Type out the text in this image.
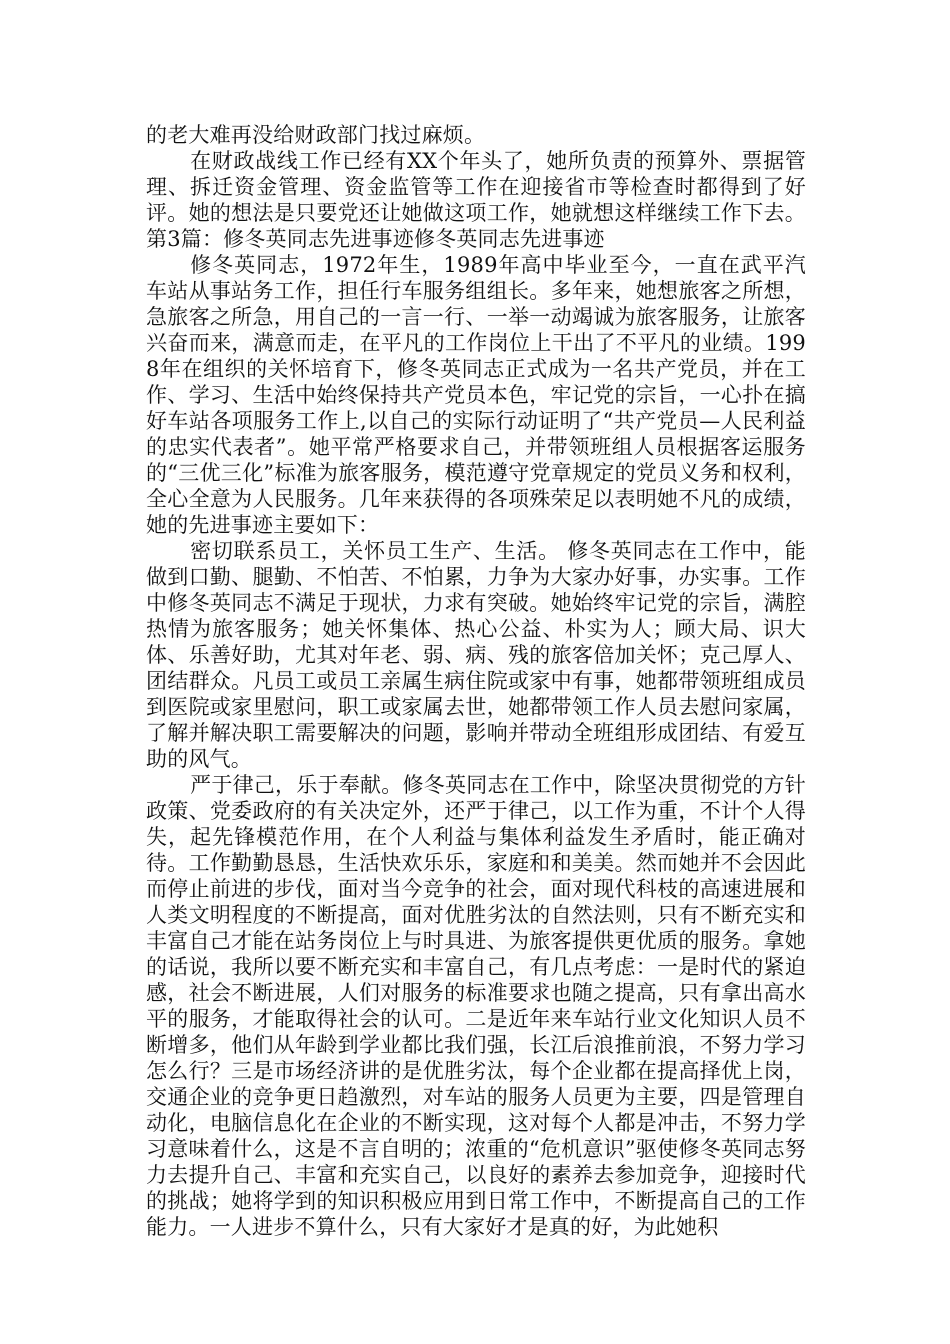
的老大难再没给财政部门找过麻烦。

在财政战线工作已经有XX个年头了，她所负责的预算外、票据管理、拆迁资金管理、资金监管等工作在迎接省市等检查时都得到了好评。她的想法是只要党还让她做这项工作，她就想这样继续工作下去。第3篇：修冬英同志先进事迹修冬英同志先进事迹

修冬英同志，1972年生，1989年高中毕业至今，一直在武平汽车站从事站务工作，担任行车服务组组长。多年来，她想旅客之所想，急旅客之所急，用自己的一言一行、一举一动竭诚为旅客服务，让旅客兴奋而来，满意而走，在平凡的工作岗位上干出了不平凡的业绩。1998年在组织的关怀培育下，修冬英同志正式成为一名共产党员，并在工作、学习、生活中始终保持共产党员本色，牢记党的宗旨，一心扑在搞好车站各项服务工作上,以自己的实际行动证明了“共产党员—人民利益的忠实代表者”。她平常严格要求自己，并带领班组人员根据客运服务的“三优三化”标准为旅客服务，模范遵守党章规定的党员义务和权利，全心全意为人民服务。几年来获得的各项殊荣足以表明她不凡的成绩，她的先进事迹主要如下：

密切联系员工，关怀员工生产、生活。 修冬英同志在工作中，能做到口勤、腿勤、不怕苦、不怕累，力争为大家办好事，办实事。工作中修冬英同志不满足于现状，力求有突破。她始终牢记党的宗旨，满腔热情为旅客服务；她关怀集体、热心公益、朴实为人；顾大局、识大体、乐善好助，尤其对年老、弱、病、残的旅客倍加关怀；克己厚人、团结群众。凡员工或员工亲属生病住院或家中有事，她都带领班组成员到医院或家里慰问，职工或家属去世，她都带领工作人员去慰问家属，了解并解决职工需要解决的问题，影响并带动全班组形成团结、有爱互助的风气。

严于律己，乐于奉献。修冬英同志在工作中，除坚决贯彻党的方针政策、党委政府的有关决定外，还严于律己，以工作为重，不计个人得失，起先锋模范作用，在个人利益与集体利益发生矛盾时，能正确对待。工作勤勤恳恳，生活快欢乐乐，家庭和和美美。然而她并不会因此而停止前进的步伐，面对当今竞争的社会，面对现代科枝的高速进展和人类文明程度的不断提高，面对优胜劣汰的自然法则，只有不断充实和丰富自己才能在站务岗位上与时具进、为旅客提供更优质的服务。拿她的话说，我所以要不断充实和丰富自己，有几点考虑：一是时代的紧迫感，社会不断进展，人们对服务的标准要求也随之提高，只有拿出高水平的服务，才能取得社会的认可。二是近年来车站行业文化知识人员不断增多，他们从年龄到学业都比我们强，长江后浪推前浪，不努力学习怎么行？三是市场经济讲的是优胜劣汰，每个企业都在提高择优上岗，交通企业的竞争更日趋激烈，对车站的服务人员更为主要，四是管理自动化，电脑信息化在企业的不断实现，这对每个人都是冲击，不努力学习意味着什么，这是不言自明的；浓重的“危机意识”驱使修冬英同志努力去提升自己、丰富和充实自己，以良好的素养去参加竞争，迎接时代的挑战；她将学到的知识积极应用到日常工作中，不断提高自己的工作能力。一人进步不算什么，只有大家好才是真的好，为此她积
